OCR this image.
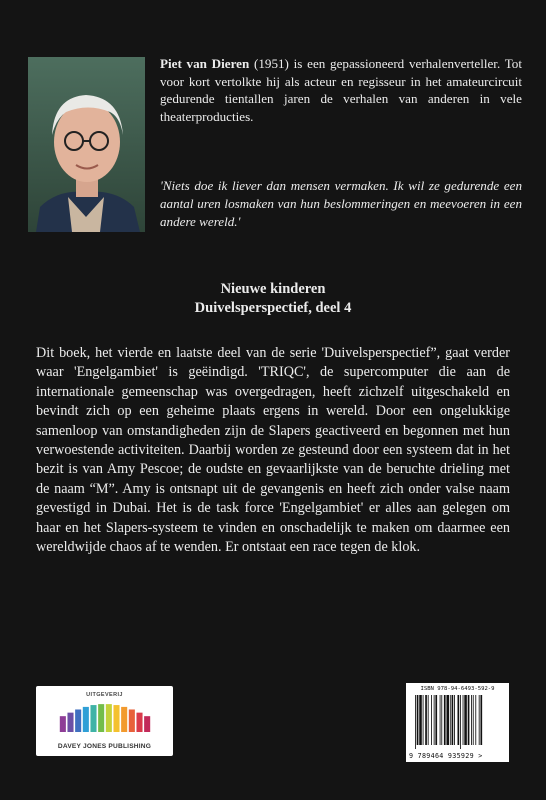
Piet van Dieren (1951) is een gepassioneerd verhalenverteller. Tot voor kort vertolkte hij als acteur en regisseur in het amateurcircuit gedurende tientallen jaren de verhalen van anderen in vele theaterproducties.

'Niets doe ik liever dan mensen vermaken. Ik wil ze gedurende een aantal uren losmaken van hun beslommeringen en meevoeren in een andere wereld.'

Nieuwe kinderen
Duivelsperspectief, deel 4

Dit boek, het vierde en laatste deel van de serie 'Duivelsperspectief”, gaat verder waar 'Engelgambiet' is geëindigd. 'TRIQC', de supercomputer die aan de internationale gemeenschap was overgedragen, heeft zichzelf uitgeschakeld en bevindt zich op een geheime plaats ergens in wereld. Door een ongelukkige samenloop van omstandigheden zijn de Slapers geactiveerd en begonnen met hun verwoestende activiteiten. Daarbij worden ze gesteund door een systeem dat in het bezit is van Amy Pescoe; de oudste en gevaarlijkste van de beruchte drieling met de naam “M”. Amy is ontsnapt uit de gevangenis en heeft zich onder valse naam gevestigd in Dubai. Het is de task force 'Engelgambiet' er alles aan gelegen om haar en het Slapers-systeem te vinden en onschadelijk te maken om daarmee een wereldwijde chaos af te wenden. Er ontstaat een race tegen de klok.

UITGEVERIJ
DAVEY JONES PUBLISHING
ISBN 978-94-6493-592-9
9 789464 935929 >
